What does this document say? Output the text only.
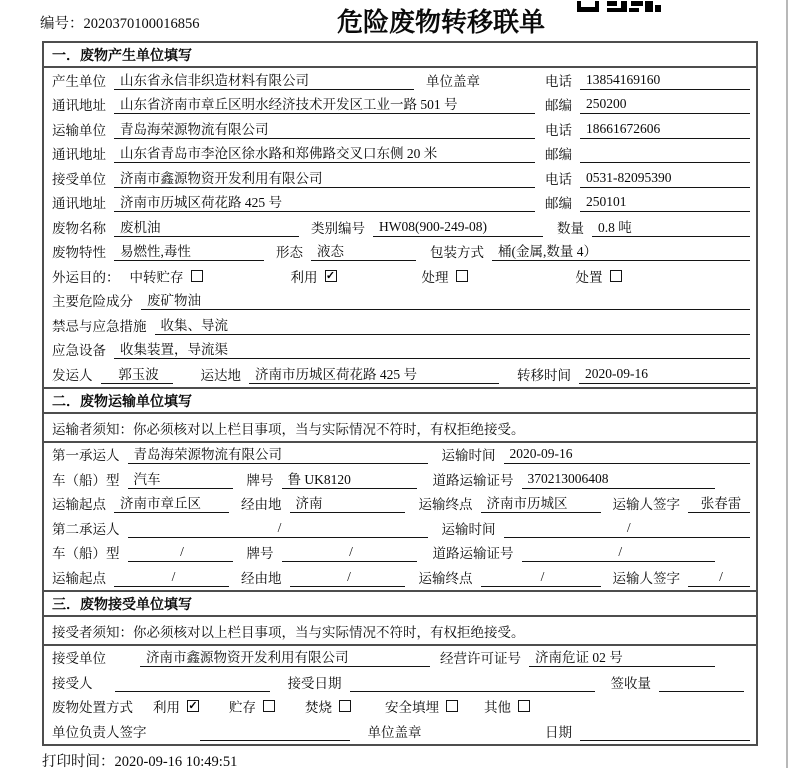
编号：2020370100016856	危险废物转移联单
一．废物产生单位填写
产生单位	山东省永信非织造材料有限公司	单位盖章	电话	13854169160
通讯地址	山东省济南市章丘区明水经济技术开发区工业一路 501 号	邮编	250200
运输单位	青岛海荣源物流有限公司	电话	18661672606
通讯地址	山东省青岛市李沧区徐水路和郑佛路交叉口东侧 20 米	邮编
接受单位	济南市鑫源物资开发利用有限公司	电话	0531-82095390
通讯地址	济南市历城区荷花路 425 号	邮编	250101
废物名称	废机油	类别编号	HW08(900-249-08)	数量	0.8 吨
废物特性	易燃性,毒性	形态	液态	包装方式	桶(金属,数量 4）
外运目的： 中转贮存	利用 ✓	处理	处置
主要危险成分	废矿物油
禁忌与应急措施	收集、导流
应急设备	收集装置，导流渠
发运人	郭玉波	运达地	济南市历城区荷花路 425 号	转移时间	2020-09-16
二．废物运输单位填写
运输者须知：你必须核对以上栏目事项，当与实际情况不符时，有权拒绝接受。
第一承运人	青岛海荣源物流有限公司	运输时间	2020-09-16
车（船）型	汽车	牌号	鲁 UK8120	道路运输证号	370213006408
运输起点	济南市章丘区	经由地	济南	运输终点	济南市历城区	运输人签字	张春雷
第二承运人	/	运输时间	/
车（船）型	/	牌号	/	道路运输证号	/
运输起点	/	经由地	/	运输终点	/	运输人签字	/
三．废物接受单位填写
接受者须知：你必须核对以上栏目事项，当与实际情况不符时，有权拒绝接受。
接受单位	济南市鑫源物资开发利用有限公司	经营许可证号	济南危证 02 号
接受人	接受日期	签收量
废物处置方式 利用 ✓ 贮存	焚烧	安全填埋	其他
单位负责人签字	单位盖章	日期
打印时间：2020-09-16 10:49:51
